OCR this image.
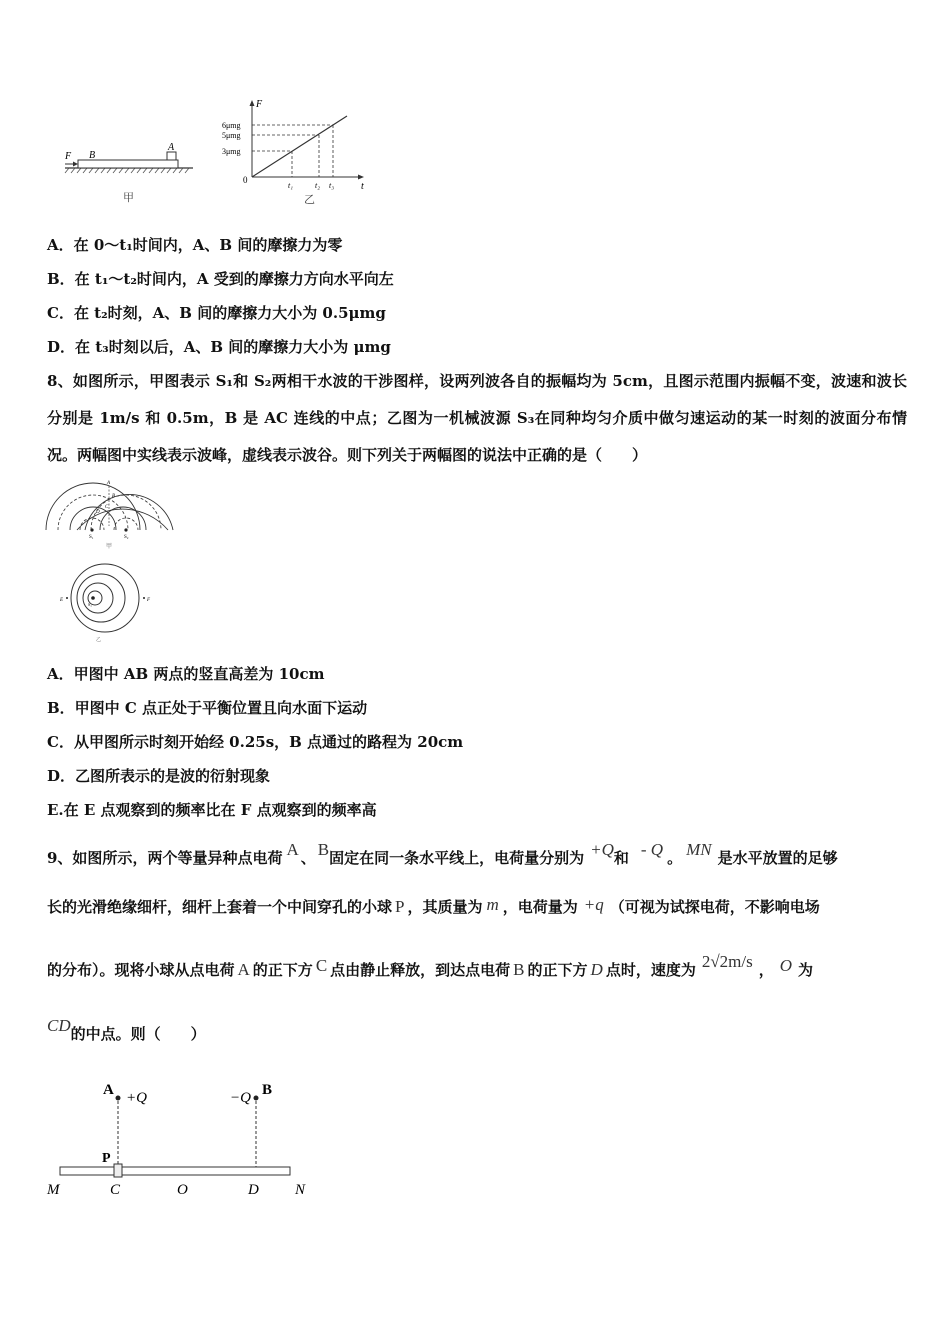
F B
A
甲
F
t
0
6μmg
5μmg
3μmg
t₁	t₂ t₃
乙
A．在 0～t₁时间内，A、B 间的摩擦力为零
B．在 t₁～t₂时间内，A 受到的摩擦力方向水平向左
C．在 t₂时刻，A、B 间的摩擦力大小为 0.5μmg
D．在 t₃时刻以后，A、B 间的摩擦力大小为 μmg
8、如图所示，甲图表示 S₁和 S₂两相干水波的干涉图样，设两列波各自的振幅均为 5cm，且图示范围内振幅不变，波速和波长分别是 1m/s 和 0.5m，B 是 AC 连线的中点；乙图为一机械波源 S₃在同种均匀介质中做匀速运动的某一时刻的波面分布情况。两幅图中实线表示波峰，虚线表示波谷。则下列关于两幅图的说法中正确的是（　　）
A
B
C
D
S₁	S₂
甲
E	F
S₃
乙
A．甲图中 AB 两点的竖直高差为 10cm
B．甲图中 C 点正处于平衡位置且向水面下运动
C．从甲图所示时刻开始经 0.25s，B 点通过的路程为 20cm
D．乙图所表示的是波的衍射现象
E.在 E 点观察到的频率比在 F 点观察到的频率高
9、如图所示，两个等量异种点电荷 A 、 B固定在同一条水平线上，电荷量分别为 +Q和 - Q 。 MN 是水平放置的足够
长的光滑绝缘细杆，细杆上套着一个中间穿孔的小球 P ，其质量为 m ，电荷量为 +q （可视为试探电荷，不影响电场
的分布）。现将小球从点电荷 A 的正下方 C 点由静止释放，到达点电荷 B 的正下方 D 点时，速度为 2√2m/s ， O 为
CD的中点。则（　　）
A +Q	B
−Q
P
M	C	O	D N
